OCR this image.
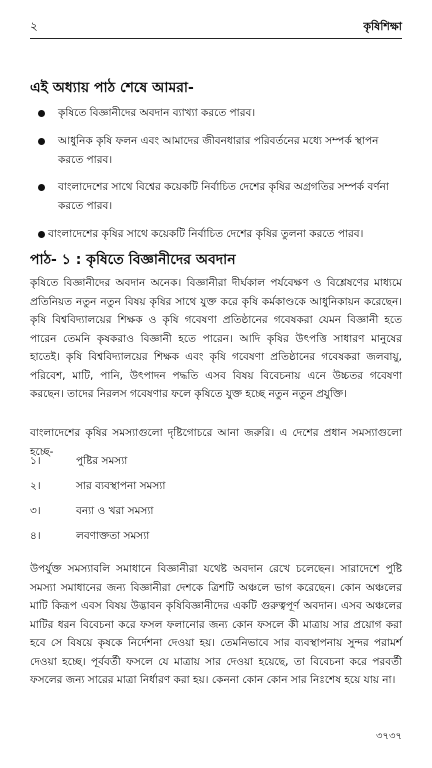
২	কৃষিশিক্ষা
এই অধ্যায় পাঠ শেষে আমরা-
কৃষিতে বিজ্ঞানীদের অবদান ব্যাখ্যা করতে পারব।
আধুনিক কৃষি ফলন এবং আমাদের জীবনধারার পরিবর্তনের মধ্যে সম্পর্ক স্থাপন করতে পারব।
বাংলাদেশের সাথে বিশ্বের কয়েকটি নির্বাচিত দেশের কৃষির অগ্রগতির সম্পর্ক বর্ণনা করতে পারব।
বাংলাদেশের কৃষির সাথে কয়েকটি নির্বাচিত দেশের কৃষির তুলনা করতে পারব।
পাঠ- ১ : কৃষিতে বিজ্ঞানীদের অবদান

কৃষিতে বিজ্ঞানীদের অবদান অনেক। বিজ্ঞানীরা দীর্ঘকাল পর্যবেক্ষণ ও বিশ্লেষণের মাধ্যমে প্রতিনিয়ত নতুন নতুন বিষয় কৃষির সাথে যুক্ত করে কৃষি কর্মকাণ্ডকে আধুনিকায়ন করেছেন। কৃষি বিশ্ববিদ্যালয়ের শিক্ষক ও কৃষি গবেষণা প্রতিষ্ঠানের গবেষকরা যেমন বিজ্ঞানী হতে পারেন তেমনি কৃষকরাও বিজ্ঞানী হতে পারেন। আদি কৃষির উৎপত্তি সাধারণ মানুষের হাতেই। কৃষি বিশ্ববিদ্যালয়ের শিক্ষক এবং কৃষি গবেষণা প্রতিষ্ঠানের গবেষকরা জলবায়ু, পরিবেশ, মাটি, পানি, উৎপাদন পদ্ধতি এসব বিষয় বিবেচনায় এনে উচ্চতর গবেষণা করছেন। তাদের নিরলস গবেষণার ফলে কৃষিতে যুক্ত হচ্ছে নতুন নতুন প্রযুক্তি।

বাংলাদেশের কৃষির সমস্যাগুলো দৃষ্টিগোচরে আনা জরুরি। এ দেশের প্রধান সমস্যাগুলো হচ্ছে-

১।	পুষ্টির সমস্যা
২।	সার ব্যবস্থাপনা সমস্যা
৩।	বন্যা ও খরা সমস্যা
৪।	লবণাক্ততা সমস্যা

উপর্যুক্ত সমস্যাবলি সমাধানে বিজ্ঞানীরা যথেষ্ট অবদান রেখে চলেছেন। সারাদেশে পুষ্টি সমস্যা সমাধানের জন্য বিজ্ঞানীরা দেশকে ত্রিশটি অঞ্চলে ভাগ করেছেন। কোন অঞ্চলের মাটি কিরূপ এবস বিষয় উদ্ভাবন কৃষিবিজ্ঞানীদের একটি গুরুত্বপূর্ণ অবদান। এসব অঞ্চলের মাটির ধরন বিবেচনা করে ফসল ফলানোর জন্য কোন ফসলে কী মাত্রায় সার প্রয়োগ করা হবে সে বিষয়ে কৃষকে নির্দেশনা দেওয়া হয়। তেমনিভাবে সার ব্যবস্থাপনায় সুন্দর পরামর্শ দেওয়া হচ্ছে। পূর্ববর্তী ফসলে যে মাত্রায় সার দেওয়া হয়েছে, তা বিবেচনা করে পরবর্তী ফসলের জন্য সারের মাত্রা নির্ধারণ করা হয়। কেননা কোন কোন সার নিঃশেষ হয়ে যায় না।

৩৭৩৭
